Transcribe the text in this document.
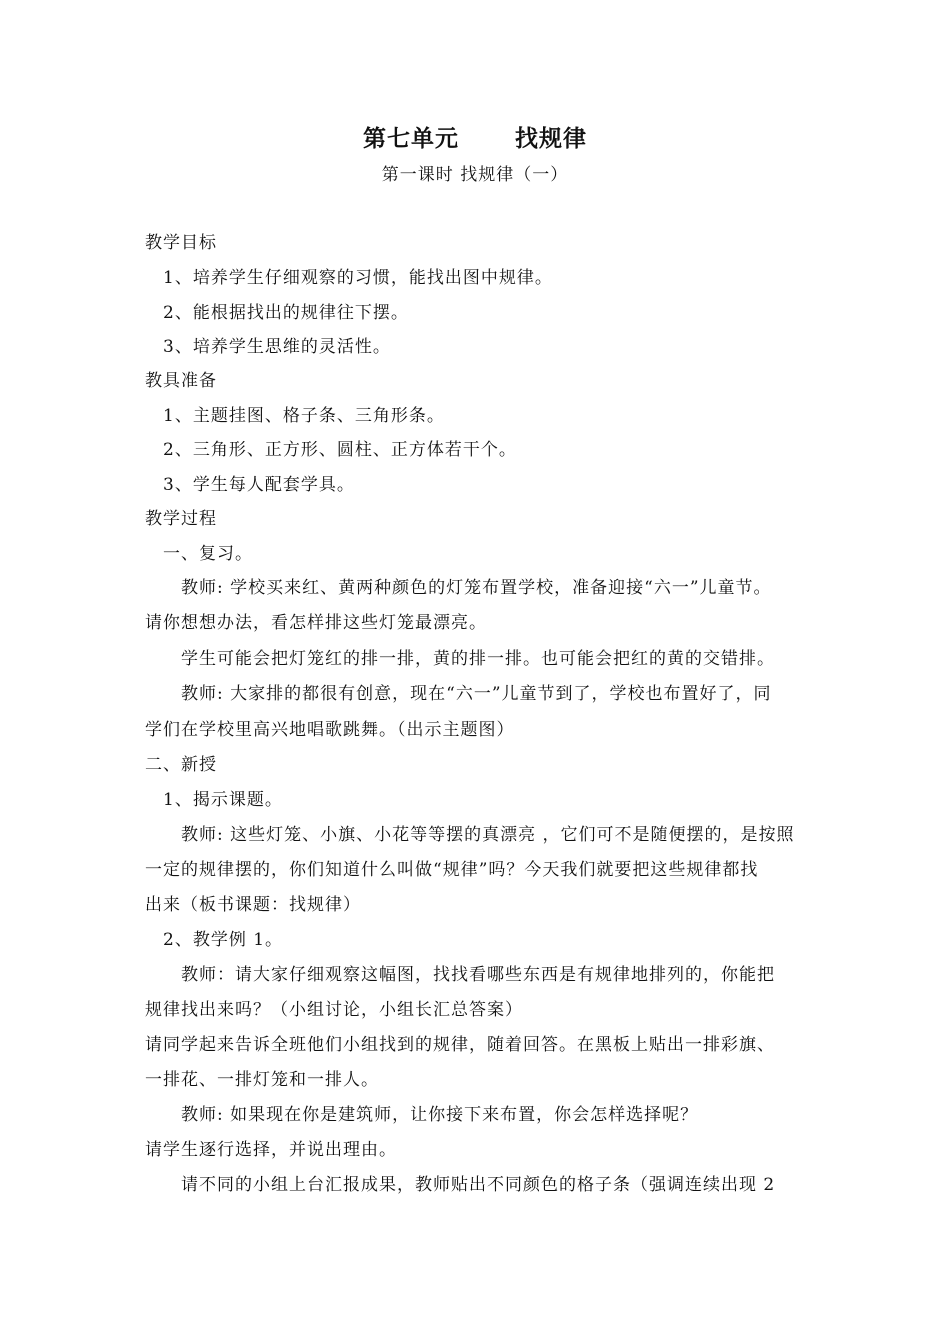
第七单元 找规律
第一课时 找规律（一）
教学目标
1、培养学生仔细观察的习惯，能找出图中规律。
2、能根据找出的规律往下摆。
3、培养学生思维的灵活性。
教具准备
1、主题挂图、格子条、三角形条。
2、三角形、正方形、圆柱、正方体若干个。
3、学生每人配套学具。
教学过程
一、复习。
教师: 学校买来红、黄两种颜色的灯笼布置学校，准备迎接“六一”儿童节。
请你想想办法，看怎样排这些灯笼最漂亮。
学生可能会把灯笼红的排一排，黄的排一排。也可能会把红的黄的交错排。
教师: 大家排的都很有创意，现在“六一”儿童节到了，学校也布置好了，同
学们在学校里高兴地唱歌跳舞。（出示主题图）
二、新授
1、揭示课题。
教师: 这些灯笼、小旗、小花等等摆的真漂亮 ，它们可不是随便摆的，是按照
一定的规律摆的，你们知道什么叫做“规律”吗？今天我们就要把这些规律都找
出来（板书课题：找规律）
2、教学例 1。
教师：请大家仔细观察这幅图，找找看哪些东西是有规律地排列的，你能把
规律找出来吗？（小组讨论，小组长汇总答案）
请同学起来告诉全班他们小组找到的规律，随着回答。在黑板上贴出一排彩旗、
一排花、一排灯笼和一排人。
教师: 如果现在你是建筑师，让你接下来布置，你会怎样选择呢？
请学生逐行选择，并说出理由。
请不同的小组上台汇报成果，教师贴出不同颜色的格子条（强调连续出现 2
